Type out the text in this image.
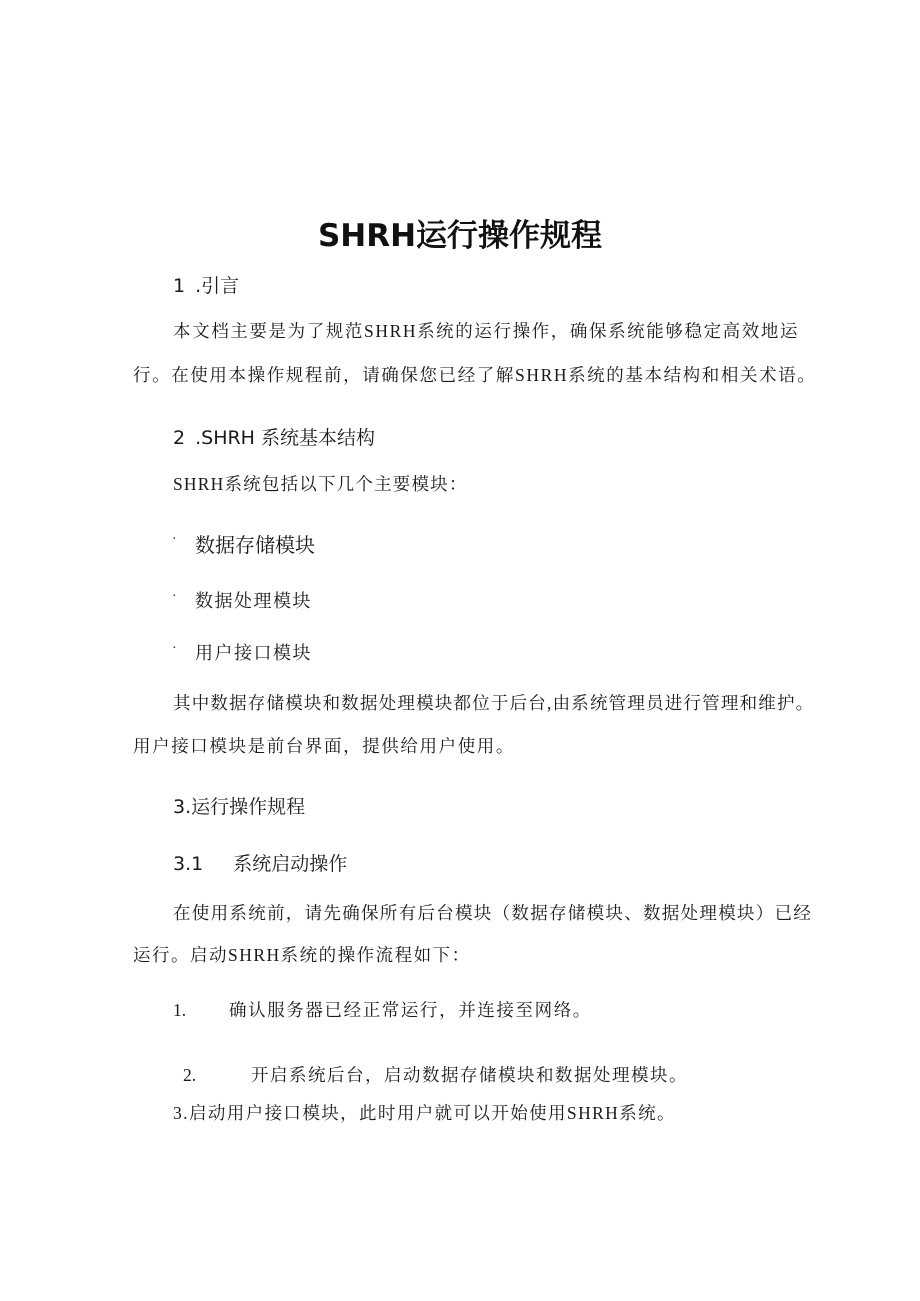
SHRH运行操作规程
1 .引言
本文档主要是为了规范SHRH系统的运行操作，确保系统能够稳定高效地运
行。在使用本操作规程前，请确保您已经了解SHRH系统的基本结构和相关术语。
2 .SHRH 系统基本结构
SHRH系统包括以下几个主要模块：
· 数据存储模块
· 数据处理模块
· 用户接口模块
其中数据存储模块和数据处理模块都位于后台,由系统管理员进行管理和维护。
用户接口模块是前台界面，提供给用户使用。
3.运行操作规程
3.1 系统启动操作
在使用系统前，请先确保所有后台模块（数据存储模块、数据处理模块）已经
运行。启动SHRH系统的操作流程如下：
1. 确认服务器已经正常运行，并连接至网络。
2.	开启系统后台，启动数据存储模块和数据处理模块。
3.启动用户接口模块，此时用户就可以开始使用SHRH系统。
